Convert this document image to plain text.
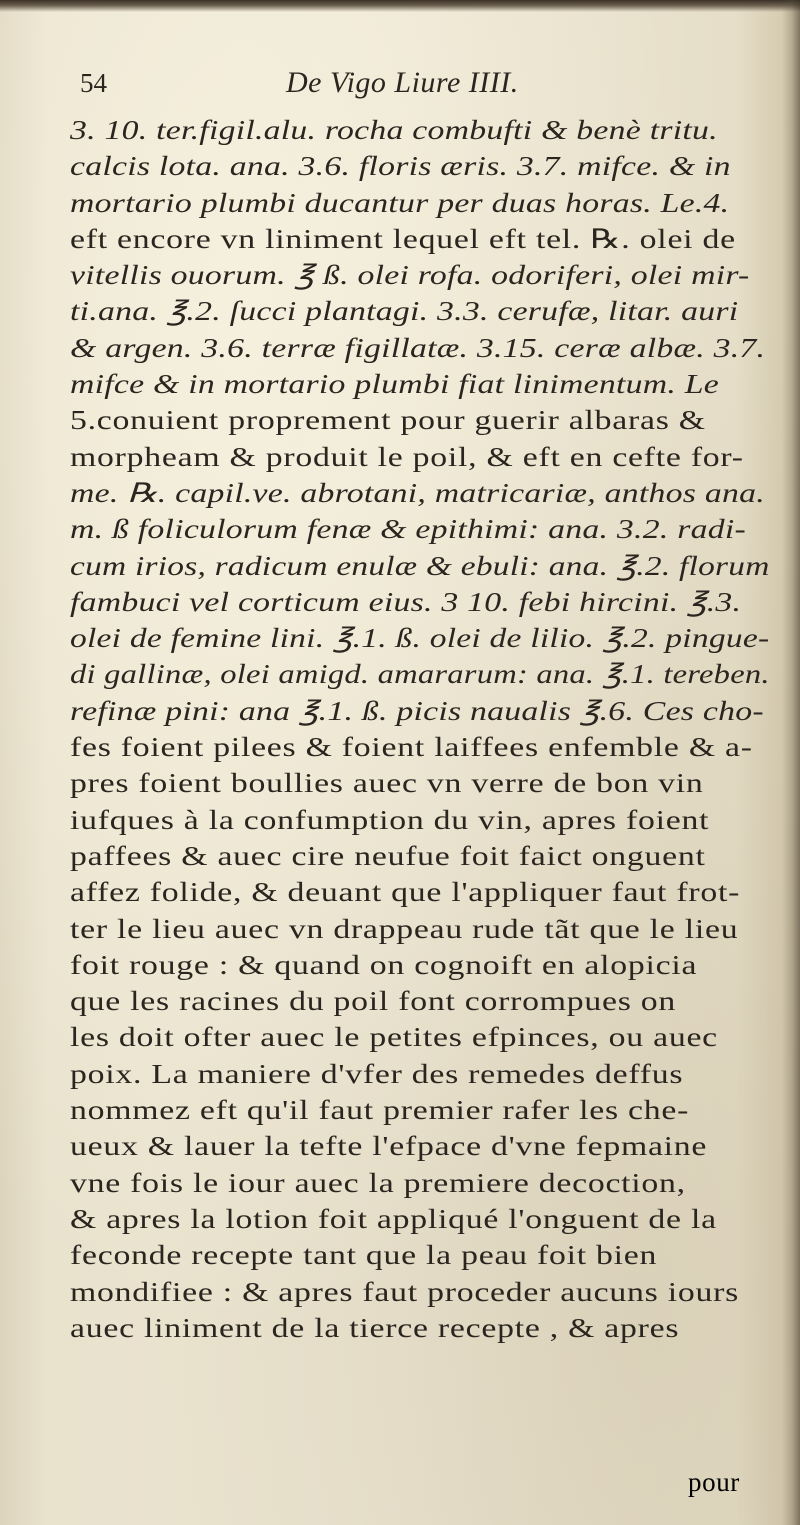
54	De Vigo Liure IIII.
3. 10. ter.figil.alu. rocha combufti & benè tritu.
calcis lota. ana. 3.6. floris æris. 3.7. mifce. & in
mortario plumbi ducantur per duas horas. Le.4.
eft encore vn liniment lequel eft tel. ℞. olei de
vitellis ouorum. ℥ ß. olei rofa. odoriferi, olei mir-
ti.ana. ℥.2. ſucci plantagi. 3.3. cerufæ, litar. auri
& argen. 3.6. terræ figillatæ. 3.15. ceræ albæ. 3.7.
mifce & in mortario plumbi fiat linimentum. Le
5.conuient proprement pour guerir albaras &
morpheam & produit le poil, & eft en cefte for-
me. ℞. capil.ve. abrotani, matricariæ, anthos ana.
m. ß foliculorum fenæ & epithimi: ana. 3.2. radi-
cum irios, radicum enulæ & ebuli: ana. ℥.2. florum
fambuci vel corticum eius. 3 10. febi hircini. ℥.3.
olei de femine lini. ℥.1. ß. olei de lilio. ℥.2. pingue-
di gallinæ, olei amigd. amararum: ana. ℥.1. tereben.
refinæ pini: ana ℥.1. ß. picis naualis ℥.6. Ces cho-
fes foient pilees & foient laiffees enfemble & a-
pres foient boullies auec vn verre de bon vin
iufques à la confumption du vin, apres foient
paffees & auec cire neufue foit faict onguent
affez folide, & deuant que l'appliquer faut frot-
ter le lieu auec vn drappeau rude tãt que le lieu
foit rouge : & quand on cognoift en alopicia
que les racines du poil font corrompues on
les doit ofter auec le petites efpinces, ou auec
poix. La maniere d'vfer des remedes deffus
nommez eft qu'il faut premier rafer les che-
ueux & lauer la tefte l'efpace d'vne fepmaine
vne fois le iour auec la premiere decoction,
& apres la lotion foit appliqué l'onguent de la
feconde recepte tant que la peau foit bien
mondifiee : & apres faut proceder aucuns iours
auec liniment de la tierce recepte , & apres
pour
